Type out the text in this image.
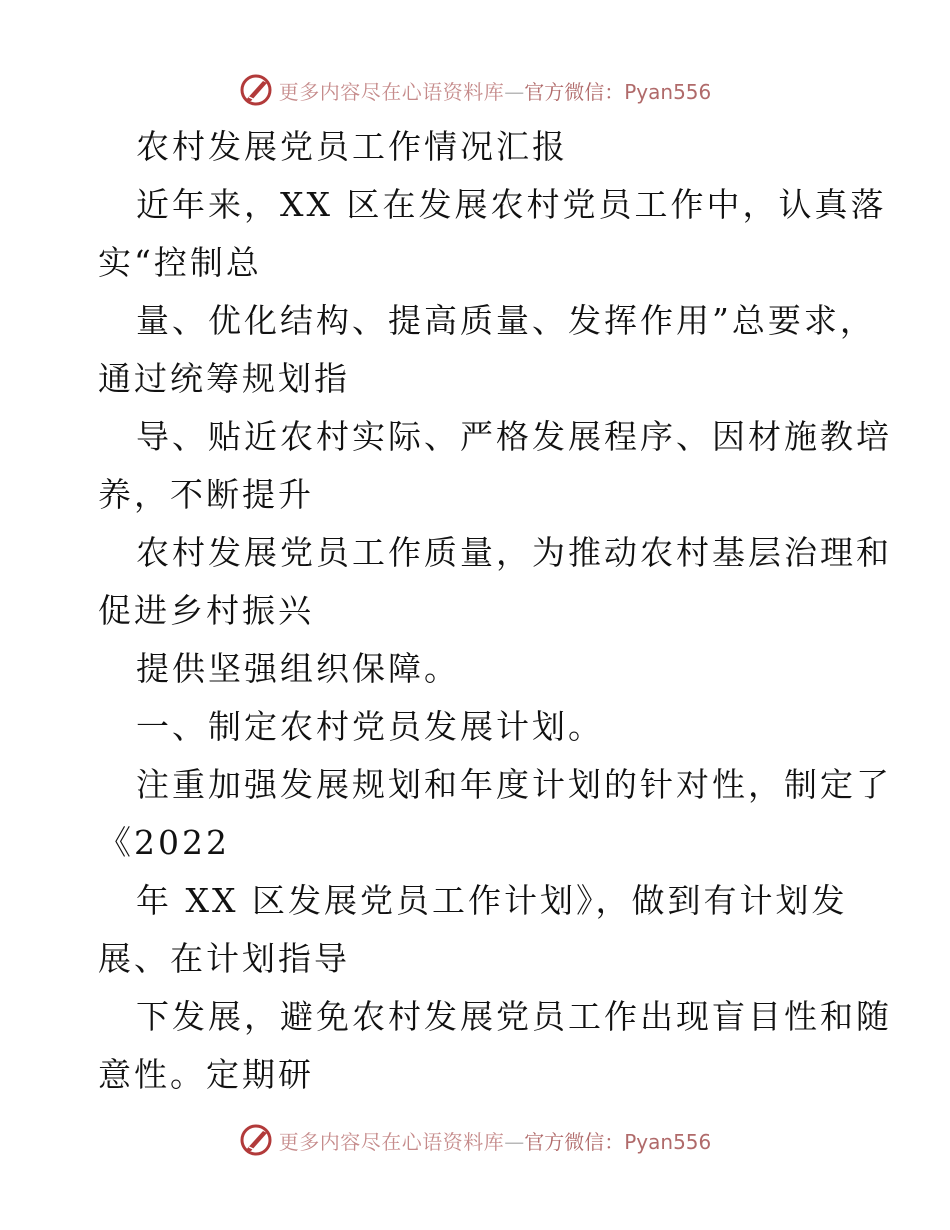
更多内容尽在心语资料库—官方微信：Pyan556
农村发展党员工作情况汇报
近年来，XX 区在发展农村党员工作中，认真落
实“控制总
量、优化结构、提高质量、发挥作用”总要求，
通过统筹规划指
导、贴近农村实际、严格发展程序、因材施教培
养，不断提升
农村发展党员工作质量，为推动农村基层治理和
促进乡村振兴
提供坚强组织保障。
一、制定农村党员发展计划。
注重加强发展规划和年度计划的针对性，制定了
《2022
年 XX 区发展党员工作计划》，做到有计划发
展、在计划指导
下发展，避免农村发展党员工作出现盲目性和随
意性。定期研
更多内容尽在心语资料库—官方微信：Pyan556
